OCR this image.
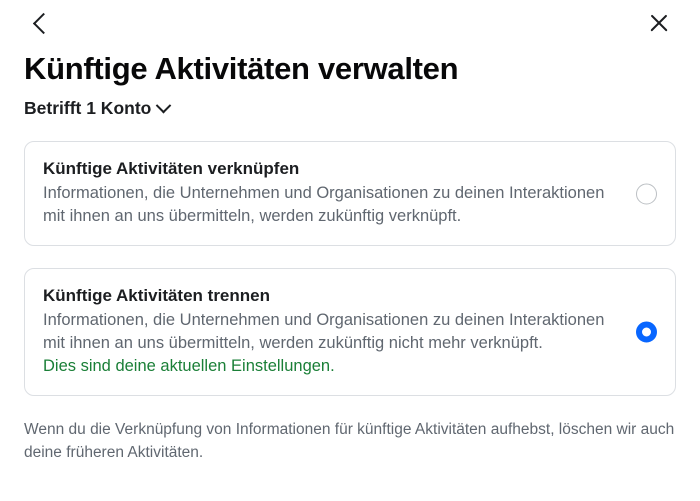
Künftige Aktivitäten verwalten
Betrifft 1 Konto
Künftige Aktivitäten verknüpfen
Informationen, die Unternehmen und Organisationen zu deinen Interaktionen mit ihnen an uns übermitteln, werden zukünftig verknüpft.
Künftige Aktivitäten trennen
Informationen, die Unternehmen und Organisationen zu deinen Interaktionen mit ihnen an uns übermitteln, werden zukünftig nicht mehr verknüpft.
Dies sind deine aktuellen Einstellungen.
Wenn du die Verknüpfung von Informationen für künftige Aktivitäten aufhebst, löschen wir auch deine früheren Aktivitäten.
